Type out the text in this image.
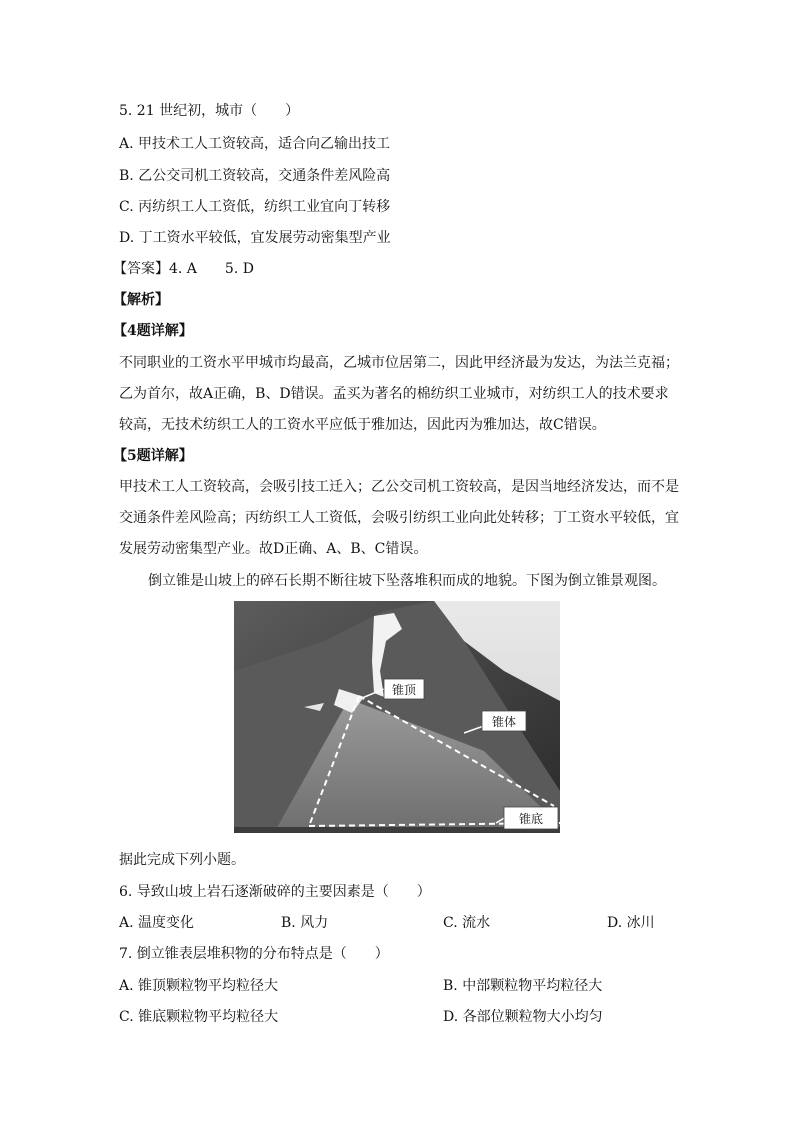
5. 21 世纪初，城市（　　）
A. 甲技术工人工资较高，适合向乙输出技工
B. 乙公交司机工资较高，交通条件差风险高
C. 丙纺织工人工资低，纺织工业宜向丁转移
D. 丁工资水平较低，宜发展劳动密集型产业
【答案】4. A　　5. D
【解析】
【4题详解】
不同职业的工资水平甲城市均最高，乙城市位居第二，因此甲经济最为发达，为法兰克福；
乙为首尔，故A正确，B、D错误。孟买为著名的棉纺织工业城市，对纺织工人的技术要求
较高，无技术纺织工人的工资水平应低于雅加达，因此丙为雅加达，故C错误。
【5题详解】
甲技术工人工资较高，会吸引技工迁入；乙公交司机工资较高，是因当地经济发达，而不是
交通条件差风险高；丙纺织工人工资低，会吸引纺织工业向此处转移；丁工资水平较低，宜
发展劳动密集型产业。故D正确、A、B、C错误。
倒立锥是山坡上的碎石长期不断往坡下坠落堆积而成的地貌。下图为倒立锥景观图。
锥顶
锥体
锥底
据此完成下列小题。
6. 导致山坡上岩石逐渐破碎的主要因素是（　　）
A. 温度变化	B. 风力	C. 流水	D. 冰川
7. 倒立锥表层堆积物的分布特点是（　　）
A. 锥顶颗粒物平均粒径大	B. 中部颗粒物平均粒径大
C. 锥底颗粒物平均粒径大	D. 各部位颗粒物大小均匀
